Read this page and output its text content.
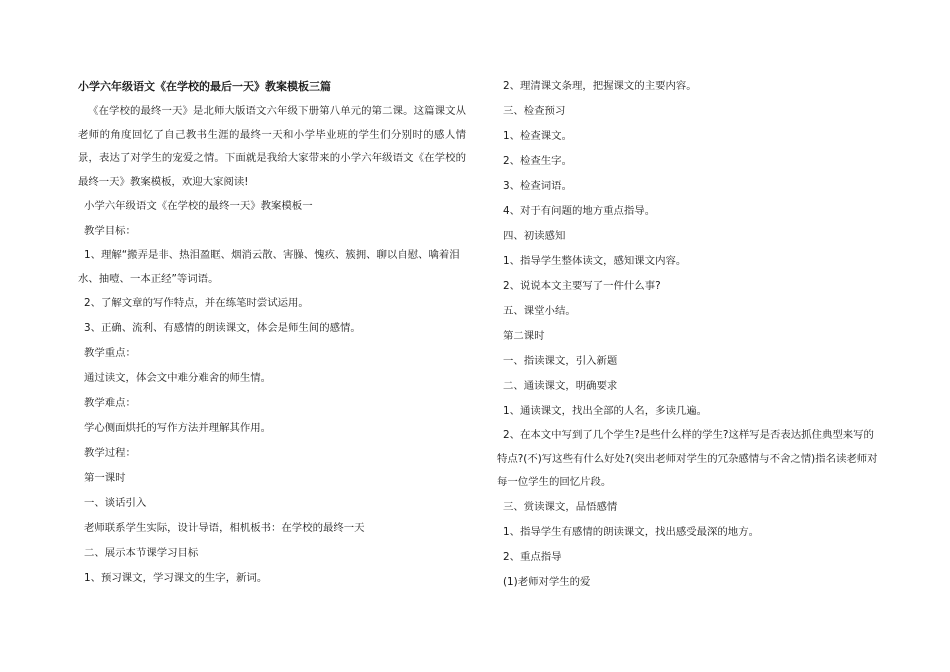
小学六年级语文《在学校的最后一天》教案模板三篇

《在学校的最终一天》是北师大版语文六年级下册第八单元的第二课。这篇课文从老师的角度回忆了自己教书生涯的最终一天和小学毕业班的学生们分别时的感人情景，表达了对学生的宠爱之情。下面就是我给大家带来的小学六年级语文《在学校的最终一天》教案模板，欢迎大家阅读!

小学六年级语文《在学校的最终一天》教案模板一

教学目标：

1、理解“搬弄是非、热泪盈眶、烟消云散、害臊、愧疚、簇拥、聊以自慰、噙着泪水、抽噎、一本正经”等词语。

2、了解文章的写作特点，并在练笔时尝试运用。

3、正确、流利、有感情的朗读课文，体会是师生间的感情。

教学重点：

通过读文，体会文中难分难舍的师生情。

教学难点：

学心侧面烘托的写作方法并理解其作用。

教学过程：

第一课时

一、谈话引入

老师联系学生实际，设计导语，相机板书：在学校的最终一天

二、展示本节课学习目标

1、预习课文，学习课文的生字，新词。

2、理清课文条理，把握课文的主要内容。

三、检查预习

1、检查课文。

2、检查生字。

3、检查词语。

4、对于有问题的地方重点指导。

四、初读感知

1、指导学生整体读文，感知课文内容。

2、说说本文主要写了一件什么事?

五、课堂小结。

第二课时

一、指读课文，引入新题

二、通读课文，明确要求

1、通读课文，找出全部的人名，多读几遍。

2、在本文中写到了几个学生?是些什么样的学生?这样写是否表达抓住典型来写的特点?(不)写这些有什么好处?(突出老师对学生的冗杂感情与不舍之情)指名读老师对每一位学生的回忆片段。

三、赏读课文，品悟感情

1、指导学生有感情的朗读课文，找出感受最深的地方。

2、重点指导

(1)老师对学生的爱
